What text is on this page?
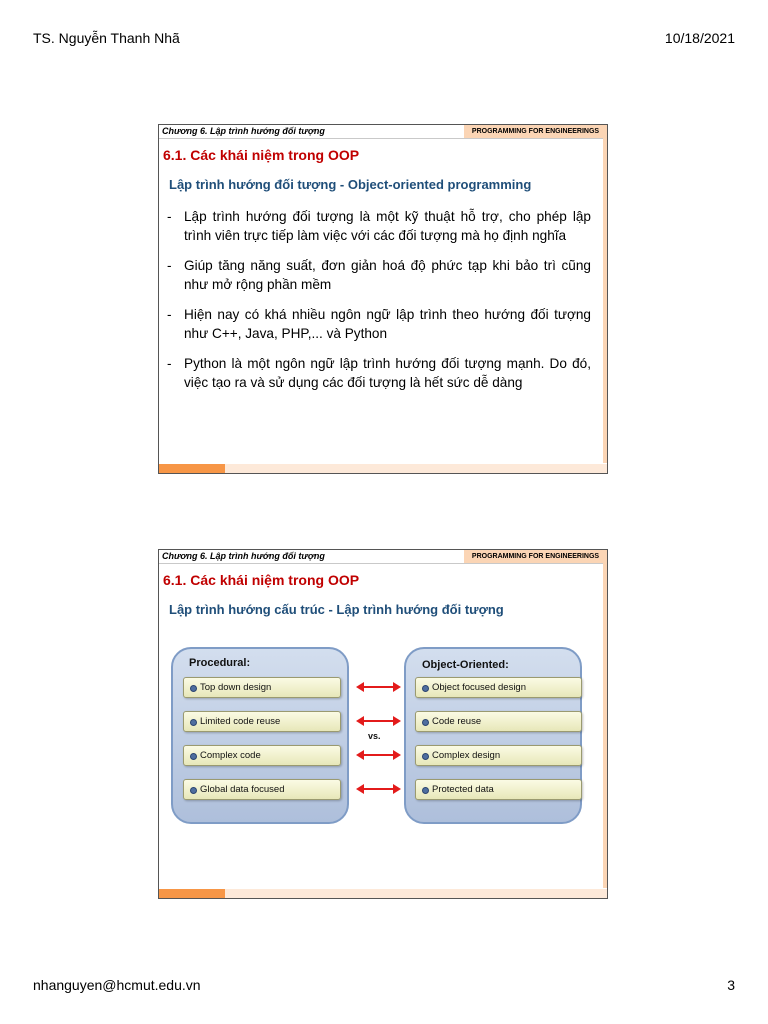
TS. Nguyễn Thanh Nhã	10/18/2021
nhanguyen@hcmut.edu.vn	3
Chương 6. Lập trình hướng đối tượng	PROGRAMMING FOR ENGINEERINGS
6.1. Các khái niệm trong OOP
Lập trình hướng đối tượng - Object-oriented programming
- Lập trình hướng đối tượng là một kỹ thuật hỗ trợ, cho phép lập trình viên trực tiếp làm việc với các đối tượng mà họ định nghĩa
- Giúp tăng năng suất, đơn giản hoá độ phức tạp khi bảo trì cũng như mở rộng phần mềm
- Hiện nay có khá nhiều ngôn ngữ lập trình theo hướng đối tượng như C++, Java, PHP,... và Python
- Python là một ngôn ngữ lập trình hướng đối tượng mạnh. Do đó, việc tạo ra và sử dụng các đối tượng là hết sức dễ dàng
Chương 6. Lập trình hướng đối tượng	PROGRAMMING FOR ENGINEERINGS
6.1. Các khái niệm trong OOP
Lập trình hướng cấu trúc - Lập trình hướng đối tượng
Procedural:
Top down design
Limited code reuse
Complex code
Global data focused
vs.
Object-Oriented:
Object focused design
Code reuse
Complex design
Protected data
